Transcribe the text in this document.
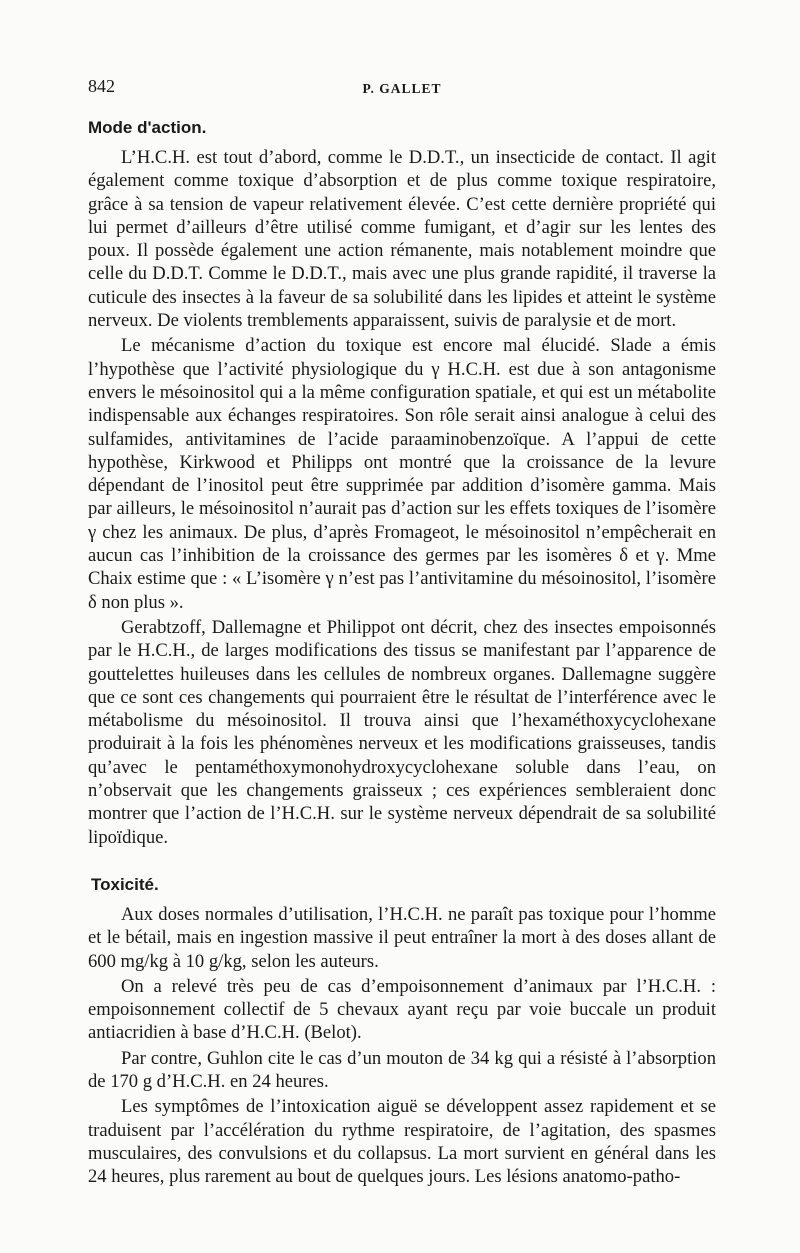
842	P. GALLET
Mode d'action.

L’H.C.H. est tout d’abord, comme le D.D.T., un insecticide de contact. Il agit également comme toxique d’absorption et de plus comme toxique respiratoire, grâce à sa tension de vapeur relativement élevée. C’est cette dernière propriété qui lui permet d’ailleurs d’être utilisé comme fumigant, et d’agir sur les lentes des poux. Il possède également une action rémanente, mais notablement moindre que celle du D.D.T. Comme le D.D.T., mais avec une plus grande rapidité, il traverse la cuticule des insectes à la faveur de sa solubilité dans les lipides et atteint le système nerveux. De violents tremblements apparaissent, suivis de paralysie et de mort.

Le mécanisme d’action du toxique est encore mal élucidé. Slade a émis l’hypothèse que l’activité physiologique du γ H.C.H. est due à son antagonisme envers le mésoinositol qui a la même configuration spatiale, et qui est un métabolite indispensable aux échanges respiratoires. Son rôle serait ainsi analogue à celui des sulfamides, antivitamines de l’acide paraaminobenzoïque. A l’appui de cette hypothèse, Kirkwood et Philipps ont montré que la croissance de la levure dépendant de l’inositol peut être supprimée par addition d’isomère gamma. Mais par ailleurs, le mésoinositol n’aurait pas d’action sur les effets toxiques de l’isomère γ chez les animaux. De plus, d’après Fromageot, le mésoinositol n’empêcherait en aucun cas l’inhibition de la croissance des germes par les isomères δ et γ. Mme Chaix estime que : « L’isomère γ n’est pas l’antivitamine du mésoinositol, l’isomère δ non plus ».

Gerabtzoff, Dallemagne et Philippot ont décrit, chez des insectes empoisonnés par le H.C.H., de larges modifications des tissus se manifestant par l’apparence de gouttelettes huileuses dans les cellules de nombreux organes. Dallemagne suggère que ce sont ces changements qui pourraient être le résultat de l’interférence avec le métabolisme du mésoinositol. Il trouva ainsi que l’hexaméthoxycyclohexane produirait à la fois les phénomènes nerveux et les modifications graisseuses, tandis qu’avec le pentaméthoxymonohydroxycyclohexane soluble dans l’eau, on n’observait que les changements graisseux ; ces expériences sembleraient donc montrer que l’action de l’H.C.H. sur le système nerveux dépendrait de sa solubilité lipoïdique.

Toxicité.

Aux doses normales d’utilisation, l’H.C.H. ne paraît pas toxique pour l’homme et le bétail, mais en ingestion massive il peut entraîner la mort à des doses allant de 600 mg/kg à 10 g/kg, selon les auteurs.

On a relevé très peu de cas d’empoisonnement d’animaux par l’H.C.H. : empoisonnement collectif de 5 chevaux ayant reçu par voie buccale un produit antiacridien à base d’H.C.H. (Belot).

Par contre, Guhlon cite le cas d’un mouton de 34 kg qui a résisté à l’absorption de 170 g d’H.C.H. en 24 heures.

Les symptômes de l’intoxication aiguë se développent assez rapidement et se traduisent par l’accélération du rythme respiratoire, de l’agitation, des spasmes musculaires, des convulsions et du collapsus. La mort survient en général dans les 24 heures, plus rarement au bout de quelques jours. Les lésions anatomo-patho-
